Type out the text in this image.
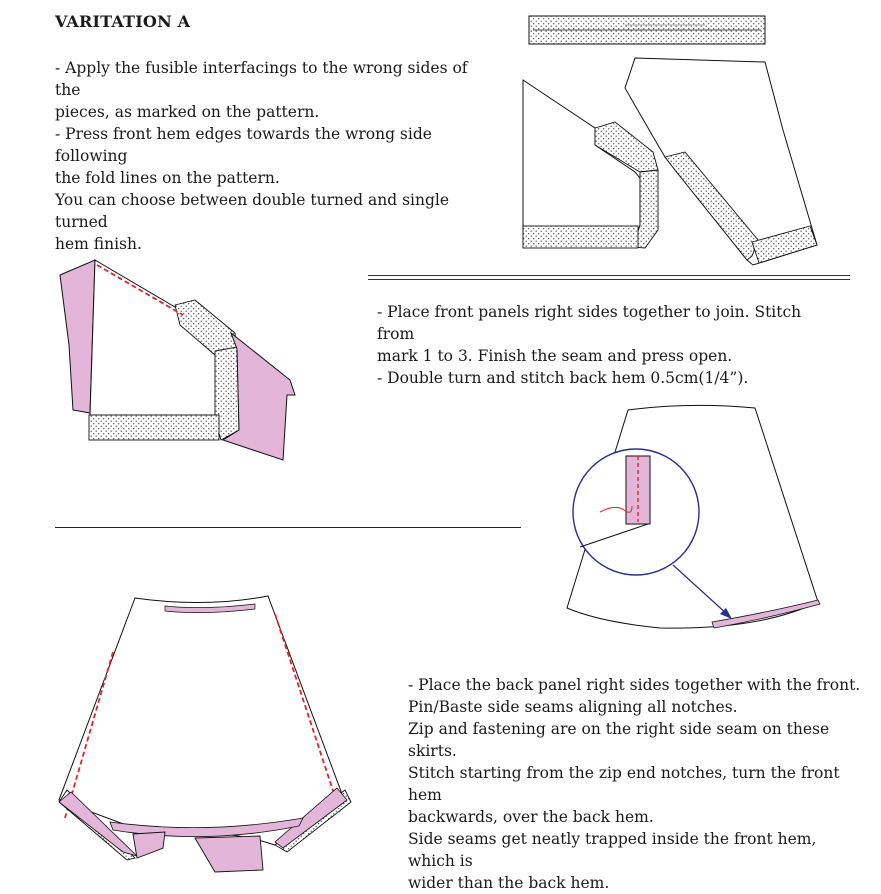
VARITATION A
- Apply the fusible interfacings to the wrong sides of the
pieces, as marked on the pattern.
- Press front hem edges towards the wrong side following
the fold lines on the pattern.
You can choose between double turned and single turned
hem finish.
- Place front panels right sides together to join. Stitch from
mark 1 to 3. Finish the seam and press open.
- Double turn and stitch back hem 0.5cm(1/4”).
- Place the back panel right sides together with the front.
Pin/Baste side seams aligning all notches.
Zip and fastening are on the right side seam on these skirts.
Stitch starting from the zip end notches, turn the front hem
backwards, over the back hem.
Side seams get neatly trapped inside the front hem, which is
wider than the back hem.
